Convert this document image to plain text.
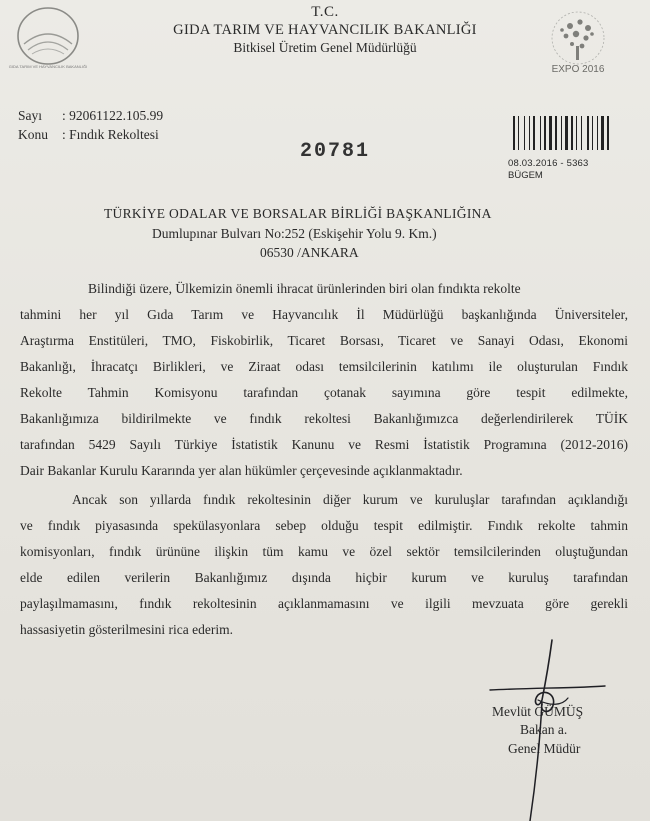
GIDA TARIM VE HAYVANCILIK BAKANLIĞI
T.C.
GIDA TARIM VE HAYVANCILIK BAKANLIĞI
Bitkisel Üretim Genel Müdürlüğü
EXPO 2016
Sayı : 92061122.105.99
Konu : Fındık Rekoltesi
20781
08.03.2016 - 5363
BÜGEM
TÜRKİYE ODALAR VE BORSALAR BİRLİĞİ BAŞKANLIĞINA
Dumlupınar Bulvarı No:252 (Eskişehir Yolu 9. Km.)
06530 /ANKARA
Bilindiği üzere, Ülkemizin önemli ihracat ürünlerinden biri olan fındıkta rekolte
tahmini her yıl Gıda Tarım ve Hayvancılık İl Müdürlüğü başkanlığında Üniversiteler,
Araştırma Enstitüleri, TMO, Fiskobirlik, Ticaret Borsası, Ticaret ve Sanayi Odası, Ekonomi
Bakanlığı, İhracatçı Birlikleri, ve Ziraat odası temsilcilerinin katılımı ile oluşturulan Fındık
Rekolte Tahmin Komisyonu tarafından çotanak sayımına göre tespit edilmekte,
Bakanlığımıza bildirilmekte ve fındık rekoltesi Bakanlığımızca değerlendirilerek TÜİK
tarafından 5429 Sayılı Türkiye İstatistik Kanunu ve Resmi İstatistik Programına (2012-2016)
Dair Bakanlar Kurulu Kararında yer alan hükümler çerçevesinde açıklanmaktadır.
Ancak son yıllarda fındık rekoltesinin diğer kurum ve kuruluşlar tarafından açıklandığı
ve fındık piyasasında spekülasyonlara sebep olduğu tespit edilmiştir. Fındık rekolte tahmin
komisyonları, fındık ürününe ilişkin tüm kamu ve özel sektör temsilcilerinden oluştuğundan
elde edilen verilerin Bakanlığımız dışında hiçbir kurum ve kuruluş tarafından
paylaşılmamasını, fındık rekoltesinin açıklanmamasını ve ilgili mevzuata göre gerekli
hassasiyetin gösterilmesini rica ederim.
Mevlüt GÜMÜŞ
Bakan a.
Genel Müdür
